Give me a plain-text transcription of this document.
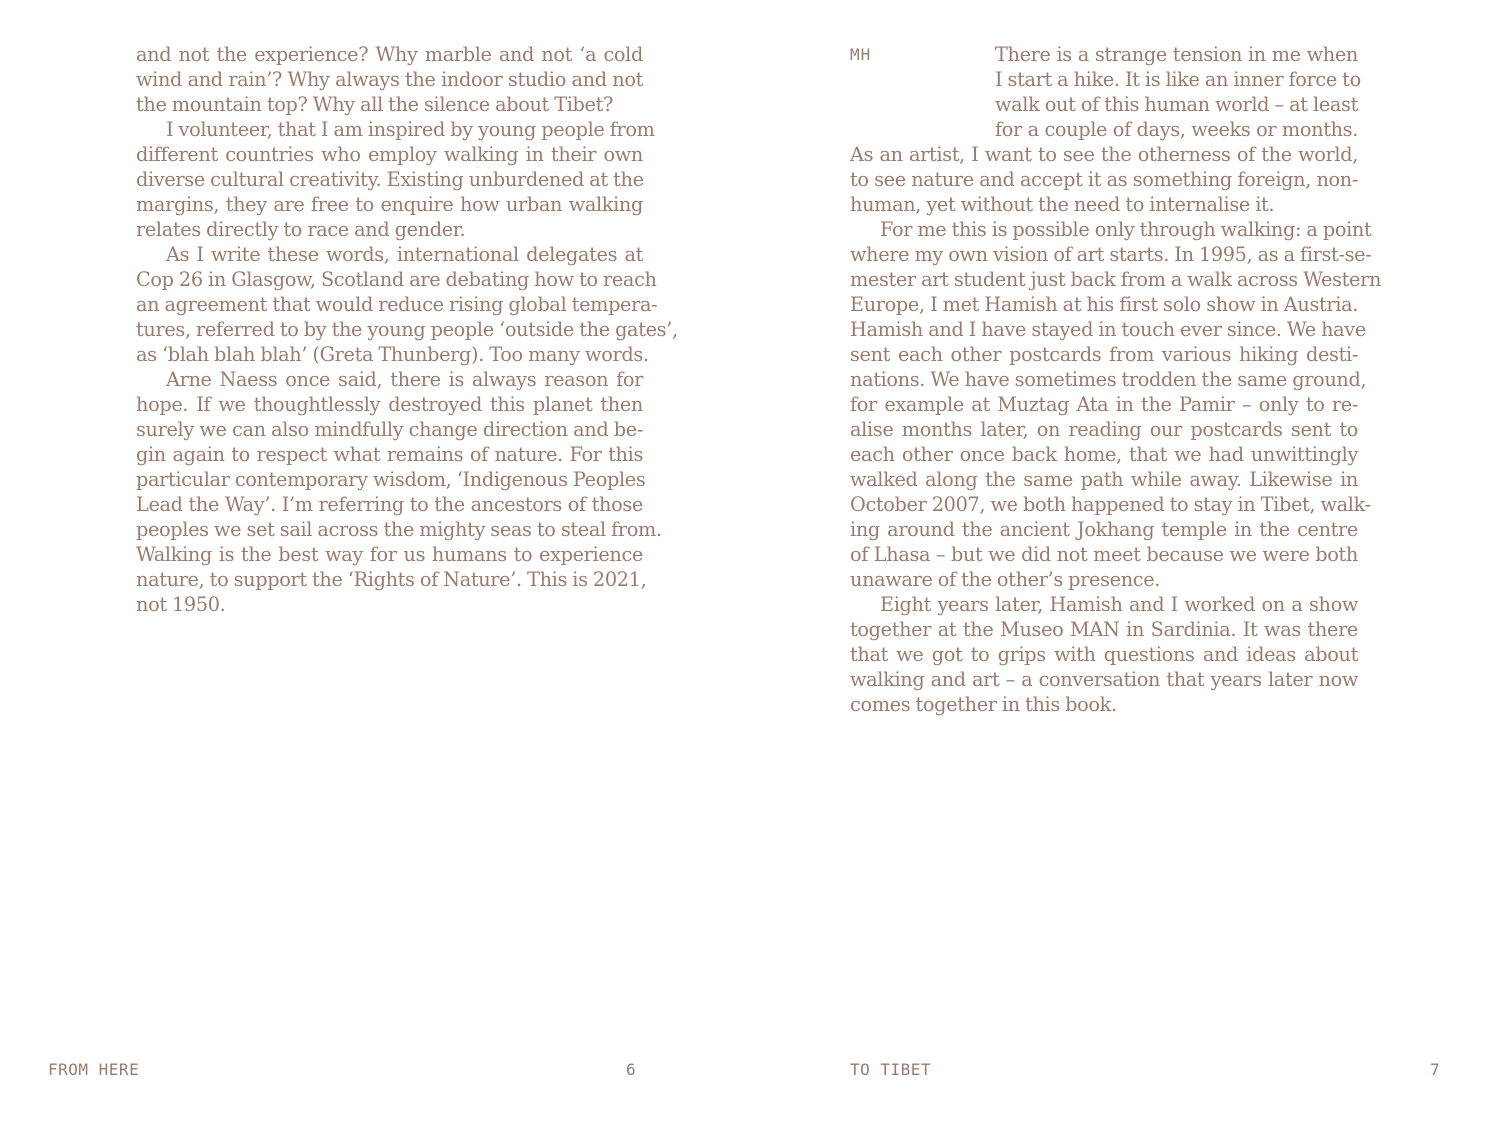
and not the experience? Why marble and not ‘a cold
wind and rain’? Why always the indoor studio and not
the mountain top? Why all the silence about Tibet?
I volunteer, that I am inspired by young people from
different countries who employ walking in their own
diverse cultural creativity. Existing unburdened at the
margins, they are free to enquire how urban walking
relates directly to race and gender.
As I write these words, international delegates at
Cop 26 in Glasgow, Scotland are debating how to reach
an agreement that would reduce rising global tempera-
tures, referred to by the young people ‘outside the gates’,
as ‘blah blah blah’ (Greta Thunberg). Too many words.
Arne Naess once said, there is always reason for
hope. If we thoughtlessly destroyed this planet then
surely we can also mindfully change direction and be-
gin again to respect what remains of nature. For this
particular contemporary wisdom, ‘Indigenous Peoples
Lead the Way’. I’m referring to the ancestors of those
peoples we set sail across the mighty seas to steal from.
Walking is the best way for us humans to experience
nature, to support the ‘Rights of Nature’. This is 2021,
not 1950.
FROM HERE	6
MH	There is a strange tension in me when
I start a hike. It is like an inner force to
walk out of this human world – at least
for a couple of days, weeks or months.
As an artist, I want to see the otherness of the world,
to see nature and accept it as something foreign, non-
human, yet without the need to internalise it.
For me this is possible only through walking: a point
where my own vision of art starts. In 1995, as a first-se-
mester art student just back from a walk across Western
Europe, I met Hamish at his first solo show in Austria.
Hamish and I have stayed in touch ever since. We have
sent each other postcards from various hiking desti-
nations. We have sometimes trodden the same ground,
for example at Muztag Ata in the Pamir – only to re-
alise months later, on reading our postcards sent to
each other once back home, that we had unwittingly
walked along the same path while away. Likewise in
October 2007, we both happened to stay in Tibet, walk-
ing around the ancient Jokhang temple in the centre
of Lhasa – but we did not meet because we were both
unaware of the other’s presence.
Eight years later, Hamish and I worked on a show
together at the Museo MAN in Sardinia. It was there
that we got to grips with questions and ideas about
walking and art – a conversation that years later now
comes together in this book.
TO TIBET	7
